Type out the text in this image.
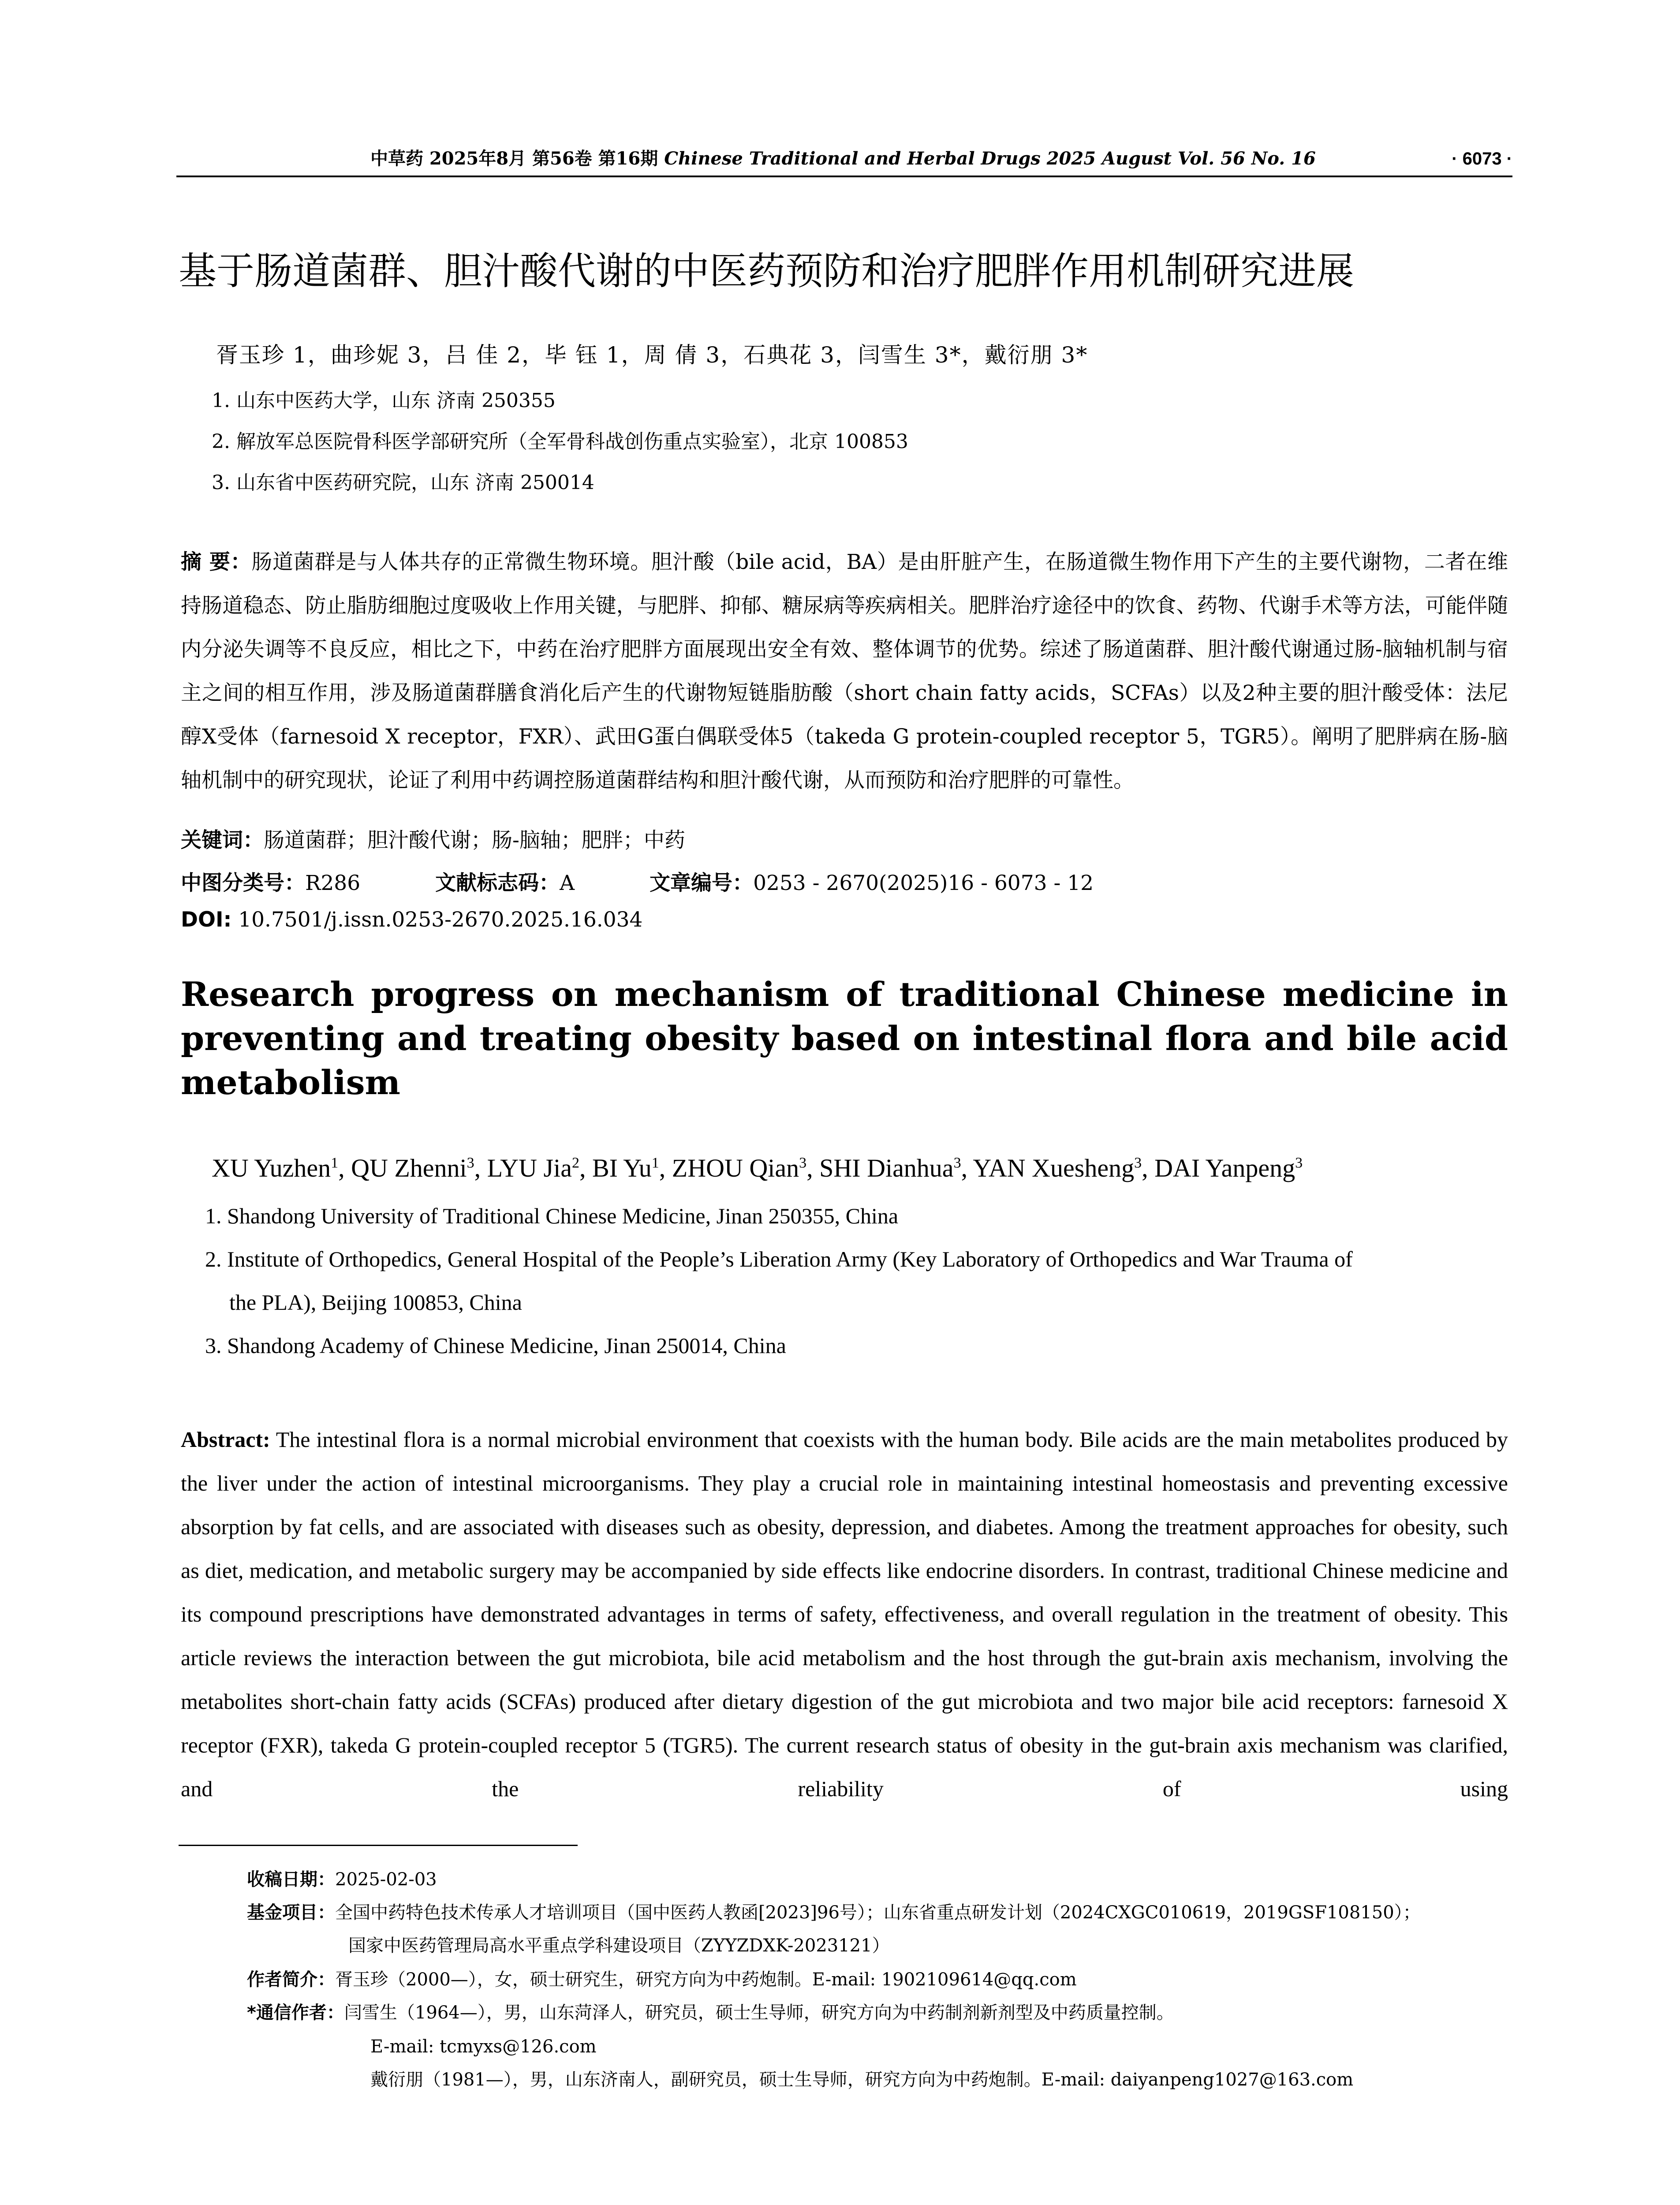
中草药 2025年8月 第56卷 第16期 Chinese Traditional and Herbal Drugs 2025 August Vol. 56 No. 16	· 6073 ·
基于肠道菌群、胆汁酸代谢的中医药预防和治疗肥胖作用机制研究进展
胥玉珍 1，曲珍妮 3，吕 佳 2，毕 钰 1，周 倩 3，石典花 3，闫雪生 3*，戴衍朋 3*
1. 山东中医药大学，山东 济南 250355
2. 解放军总医院骨科医学部研究所（全军骨科战创伤重点实验室），北京 100853
3. 山东省中医药研究院，山东 济南 250014
摘 要：肠道菌群是与人体共存的正常微生物环境。胆汁酸（bile acid，BA）是由肝脏产生，在肠道微生物作用下产生的主要代谢物，二者在维持肠道稳态、防止脂肪细胞过度吸收上作用关键，与肥胖、抑郁、糖尿病等疾病相关。肥胖治疗途径中的饮食、药物、代谢手术等方法，可能伴随内分泌失调等不良反应，相比之下，中药在治疗肥胖方面展现出安全有效、整体调节的优势。综述了肠道菌群、胆汁酸代谢通过肠-脑轴机制与宿主之间的相互作用，涉及肠道菌群膳食消化后产生的代谢物短链脂肪酸（short chain fatty acids，SCFAs）以及2种主要的胆汁酸受体：法尼醇X受体（farnesoid X receptor，FXR）、武田G蛋白偶联受体5（takeda G protein-coupled receptor 5，TGR5）。阐明了肥胖病在肠-脑轴机制中的研究现状，论证了利用中药调控肠道菌群结构和胆汁酸代谢，从而预防和治疗肥胖的可靠性。
关键词：肠道菌群；胆汁酸代谢；肠-脑轴；肥胖；中药
中图分类号：R286	文献标志码：A	文章编号：0253 - 2670(2025)16 - 6073 - 12
DOI: 10.7501/j.issn.0253-2670.2025.16.034
Research progress on mechanism of traditional Chinese medicine in preventing and treating obesity based on intestinal flora and bile acid metabolism
XU Yuzhen$^1$, QU Zhenni$^3$, LYU Jia$^2$, BI Yu$^1$, ZHOU Qian$^3$, SHI Dianhua$^3$, YAN Xuesheng$^3$, DAI Yanpeng$^3$
1. Shandong University of Traditional Chinese Medicine, Jinan 250355, China
2. Institute of Orthopedics, General Hospital of the People’s Liberation Army (Key Laboratory of Orthopedics and War Trauma of
the PLA), Beijing 100853, China
3. Shandong Academy of Chinese Medicine, Jinan 250014, China
Abstract: The intestinal flora is a normal microbial environment that coexists with the human body. Bile acids are the main metabolites produced by the liver under the action of intestinal microorganisms. They play a crucial role in maintaining intestinal homeostasis and preventing excessive absorption by fat cells, and are associated with diseases such as obesity, depression, and diabetes. Among the treatment approaches for obesity, such as diet, medication, and metabolic surgery may be accompanied by side effects like endocrine disorders. In contrast, traditional Chinese medicine and its compound prescriptions have demonstrated advantages in terms of safety, effectiveness, and overall regulation in the treatment of obesity. This article reviews the interaction between the gut microbiota, bile acid metabolism and the host through the gut-brain axis mechanism, involving the metabolites short-chain fatty acids (SCFAs) produced after dietary digestion of the gut microbiota and two major bile acid receptors: farnesoid X receptor (FXR), takeda G protein-coupled receptor 5 (TGR5). The current research status of obesity in the gut-brain axis mechanism was clarified, and the reliability of using
收稿日期：2025-02-03
基金项目：全国中药特色技术传承人才培训项目（国中医药人教函[2023]96号）；山东省重点研发计划（2024CXGC010619，2019GSF108150）；
国家中医药管理局高水平重点学科建设项目（ZYYZDXK-2023121）
作者简介：胥玉珍（2000—），女，硕士研究生，研究方向为中药炮制。E-mail: 1902109614@qq.com
*通信作者：闫雪生（1964—），男，山东菏泽人，研究员，硕士生导师，研究方向为中药制剂新剂型及中药质量控制。
E-mail: tcmyxs@126.com
戴衍朋（1981—），男，山东济南人，副研究员，硕士生导师，研究方向为中药炮制。E-mail: daiyanpeng1027@163.com
